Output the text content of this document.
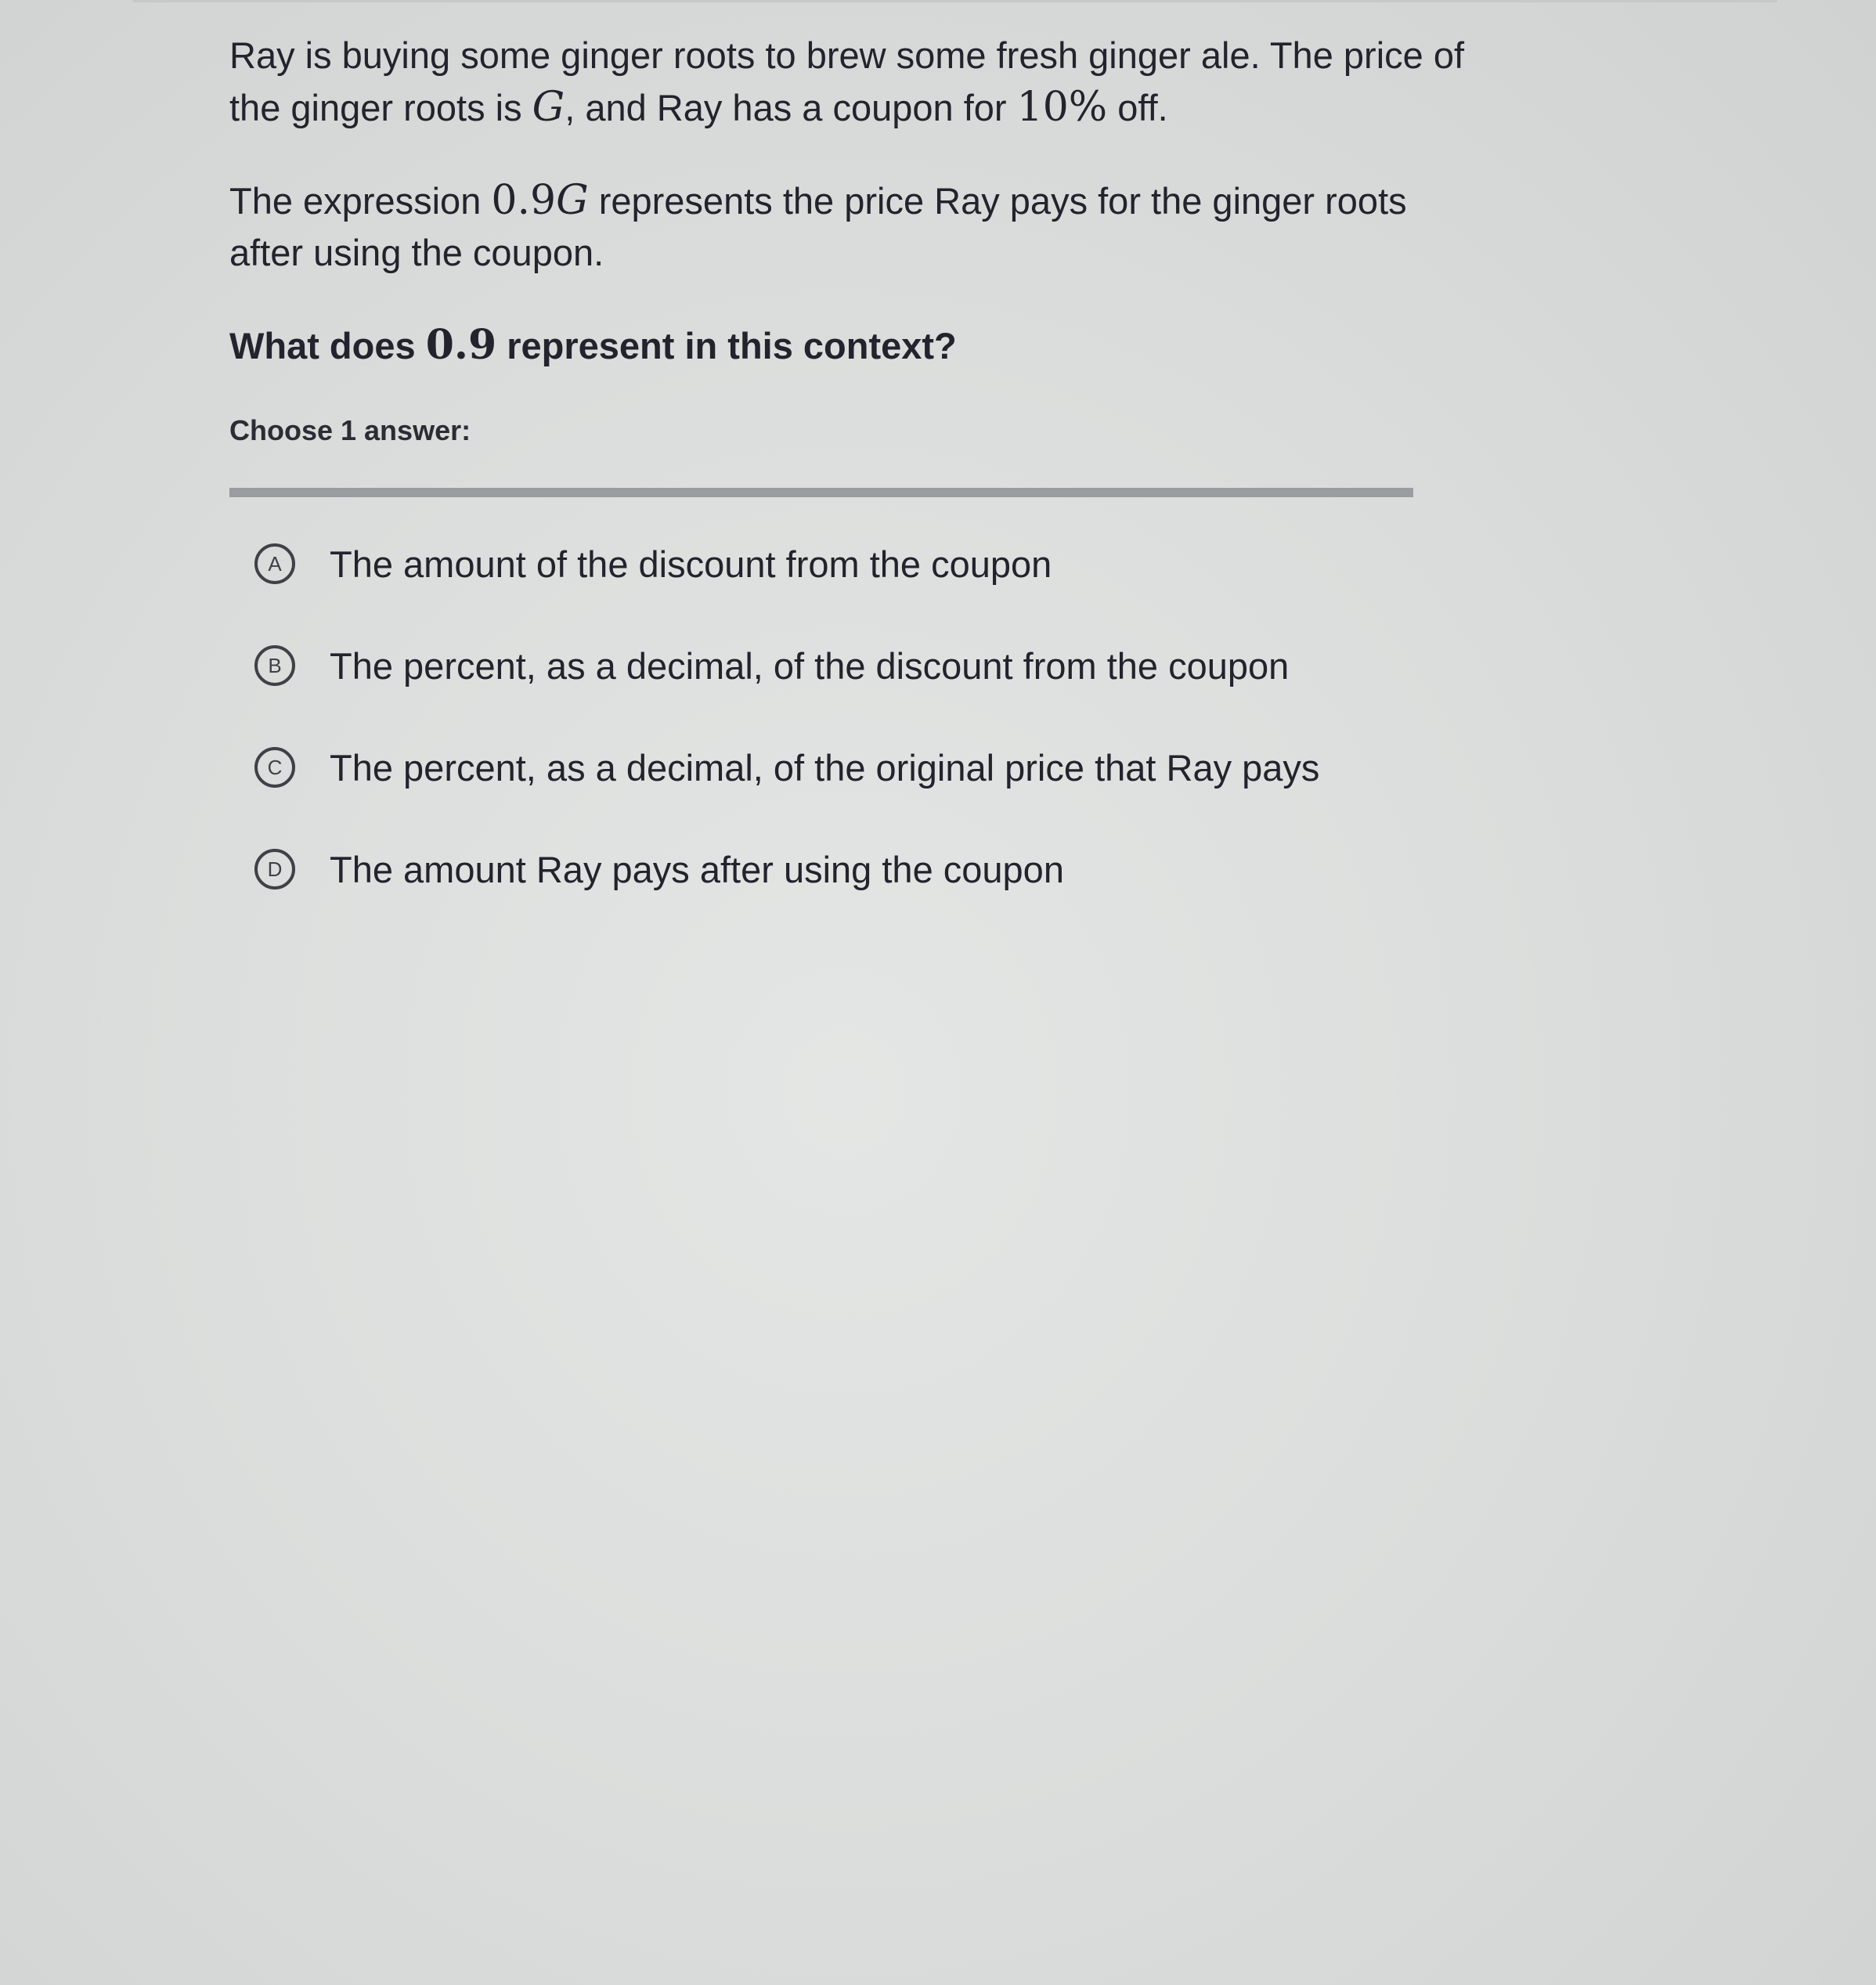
Ray is buying some ginger roots to brew some fresh ginger ale. The price of the ginger roots is G, and Ray has a coupon for 10% off.

The expression 0.9G represents the price Ray pays for the ginger roots after using the coupon.

What does 0.9 represent in this context?

Choose 1 answer:
A	The amount of the discount from the coupon
B	The percent, as a decimal, of the discount from the coupon
C	The percent, as a decimal, of the original price that Ray pays
D	The amount Ray pays after using the coupon
